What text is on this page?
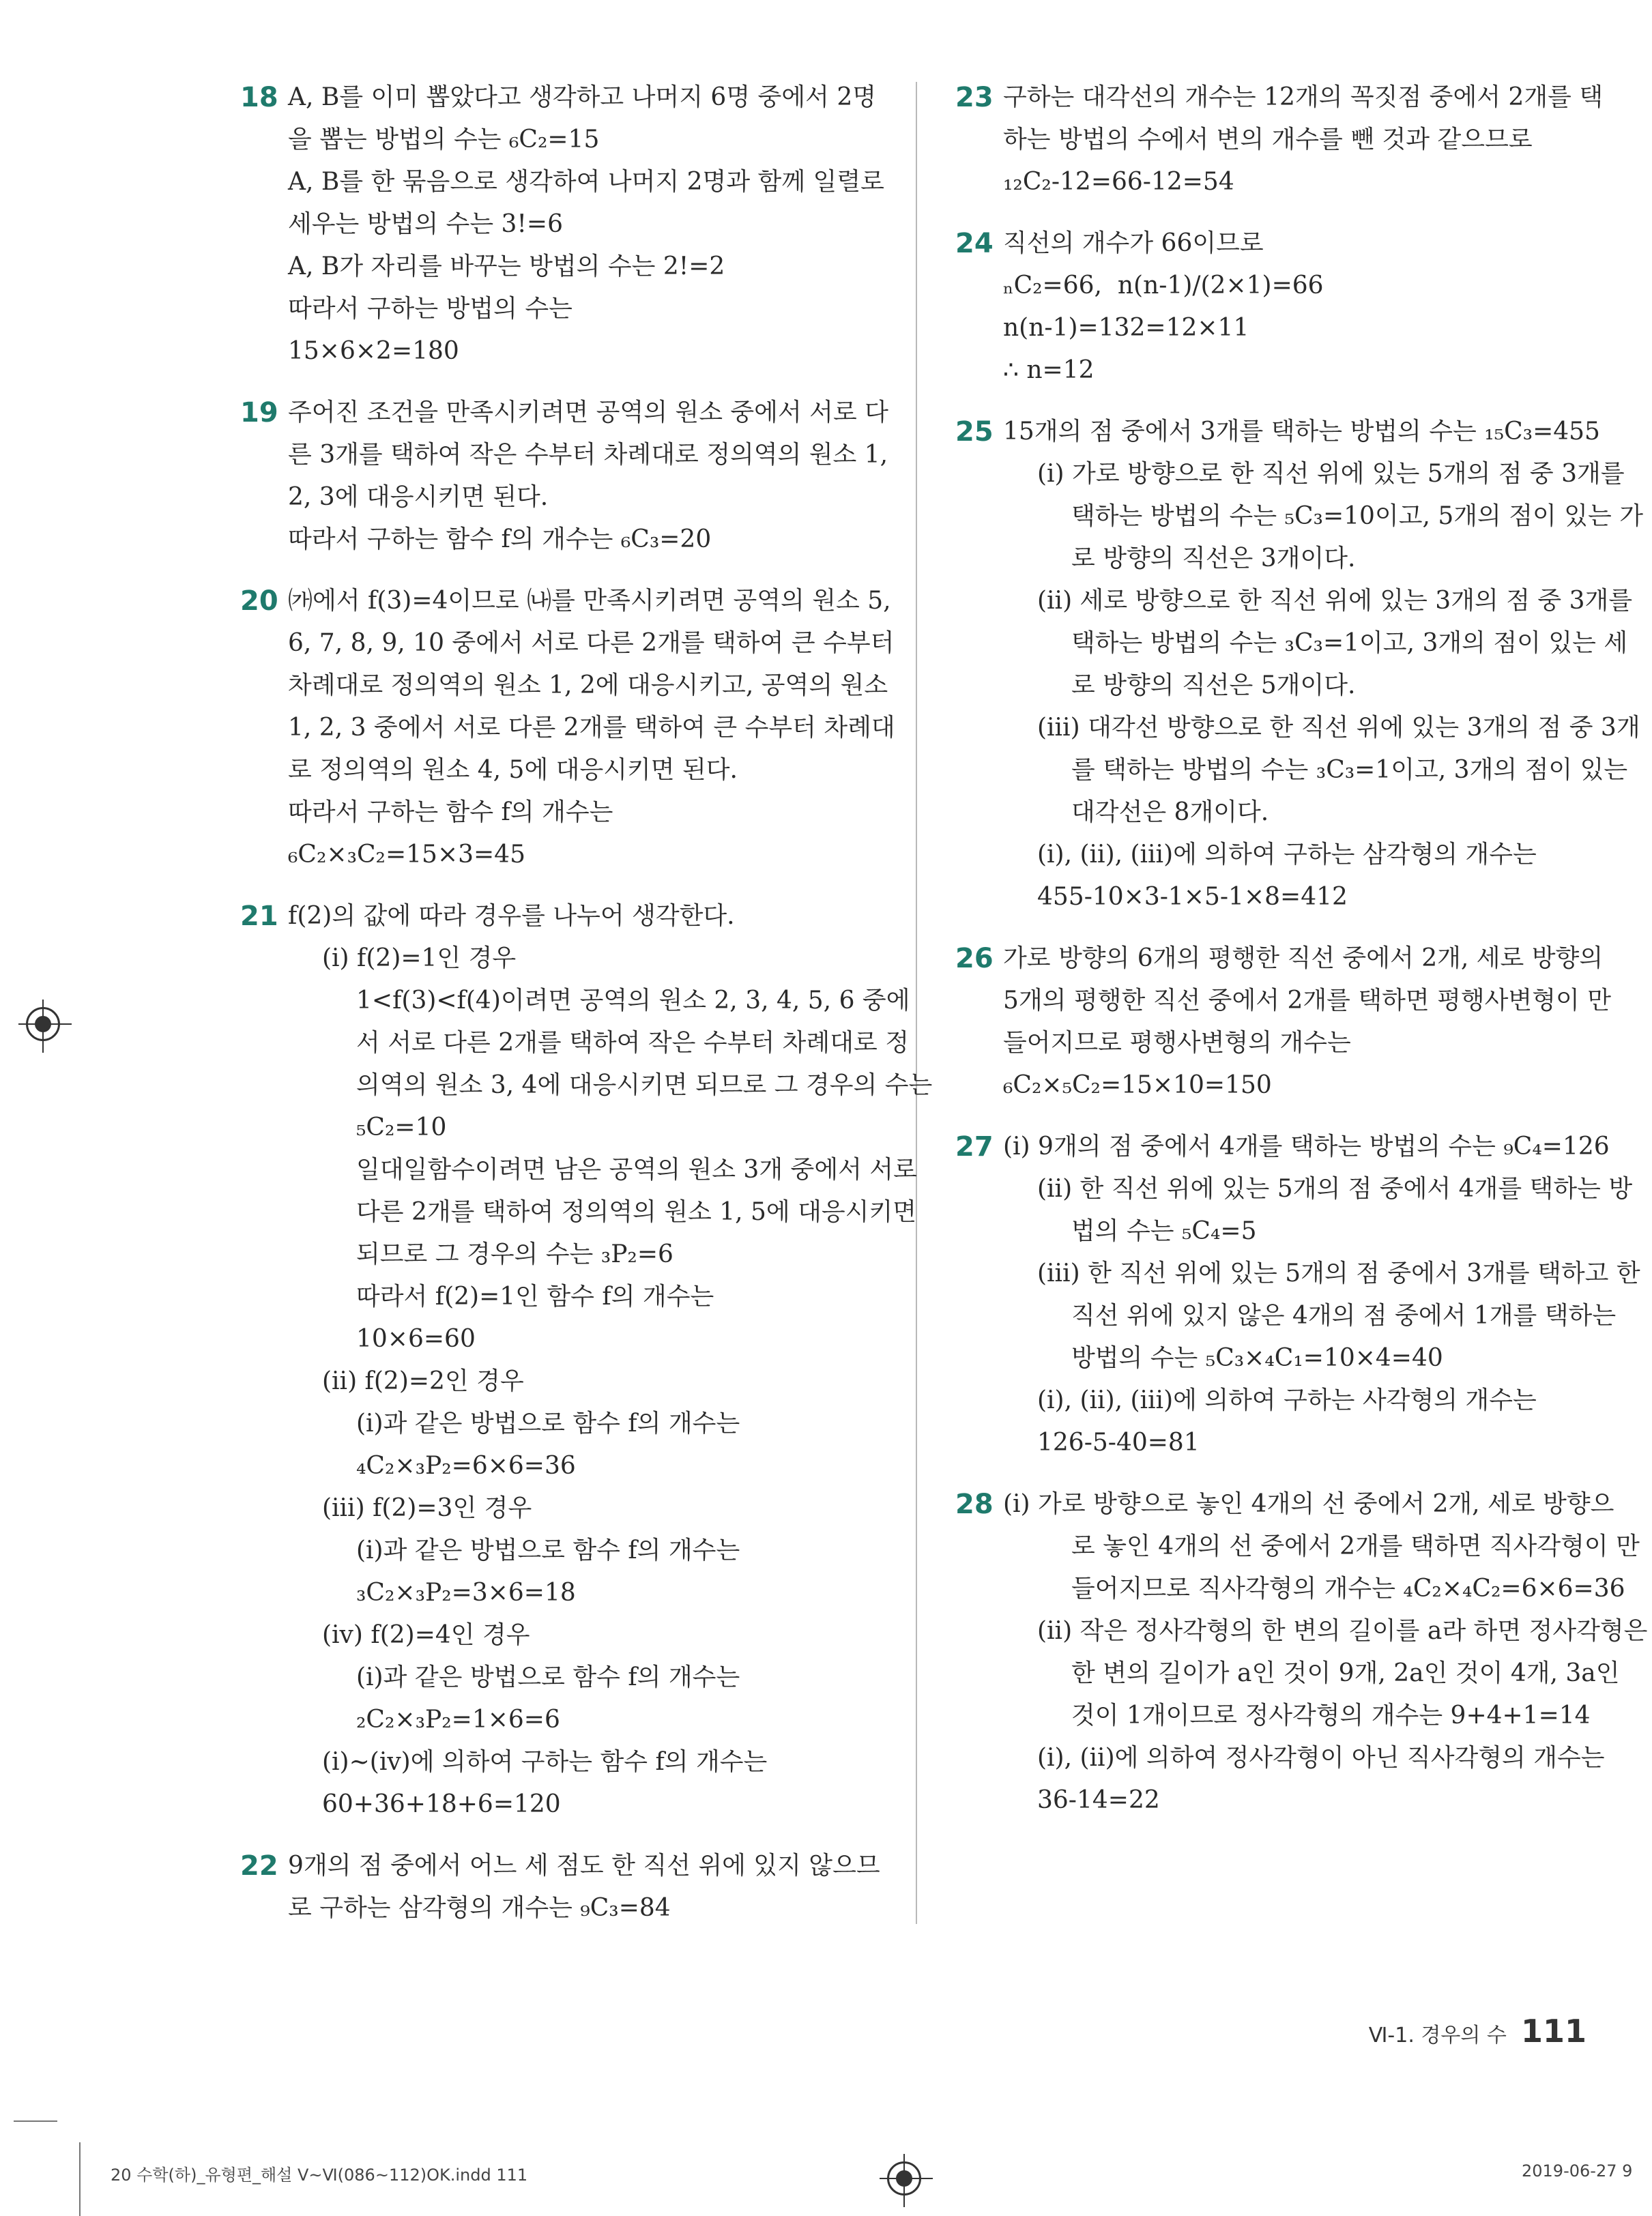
18 A, B를 이미 뽑았다고 생각하고 나머지 6명 중에서 2명
을 뽑는 방법의 수는 ₆C₂=15
A, B를 한 묶음으로 생각하여 나머지 2명과 함께 일렬로
세우는 방법의 수는 3!=6
A, B가 자리를 바꾸는 방법의 수는 2!=2
따라서 구하는 방법의 수는
15×6×2=180
19 주어진 조건을 만족시키려면 공역의 원소 중에서 서로 다
른 3개를 택하여 작은 수부터 차례대로 정의역의 원소 1,
2, 3에 대응시키면 된다.
따라서 구하는 함수 f의 개수는 ₆C₃=20
20 ㈎에서 f(3)=4이므로 ㈏를 만족시키려면 공역의 원소 5,
6, 7, 8, 9, 10 중에서 서로 다른 2개를 택하여 큰 수부터
차례대로 정의역의 원소 1, 2에 대응시키고, 공역의 원소
1, 2, 3 중에서 서로 다른 2개를 택하여 큰 수부터 차례대
로 정의역의 원소 4, 5에 대응시키면 된다.
따라서 구하는 함수 f의 개수는
₆C₂×₃C₂=15×3=45
21 f(2)의 값에 따라 경우를 나누어 생각한다.
(ⅰ) f(2)=1인 경우
1<f(3)<f(4)이려면 공역의 원소 2, 3, 4, 5, 6 중에
서 서로 다른 2개를 택하여 작은 수부터 차례대로 정
의역의 원소 3, 4에 대응시키면 되므로 그 경우의 수는
₅C₂=10
일대일함수이려면 남은 공역의 원소 3개 중에서 서로
다른 2개를 택하여 정의역의 원소 1, 5에 대응시키면
되므로 그 경우의 수는 ₃P₂=6
따라서 f(2)=1인 함수 f의 개수는
10×6=60
(ⅱ) f(2)=2인 경우
(ⅰ)과 같은 방법으로 함수 f의 개수는
₄C₂×₃P₂=6×6=36
(ⅲ) f(2)=3인 경우
(ⅰ)과 같은 방법으로 함수 f의 개수는
₃C₂×₃P₂=3×6=18
(ⅳ) f(2)=4인 경우
(ⅰ)과 같은 방법으로 함수 f의 개수는
₂C₂×₃P₂=1×6=6
(ⅰ)~(ⅳ)에 의하여 구하는 함수 f의 개수는
60+36+18+6=120
22 9개의 점 중에서 어느 세 점도 한 직선 위에 있지 않으므
로 구하는 삼각형의 개수는 ₉C₃=84
23 구하는 대각선의 개수는 12개의 꼭짓점 중에서 2개를 택
하는 방법의 수에서 변의 개수를 뺀 것과 같으므로
₁₂C₂-12=66-12=54
24 직선의 개수가 66이므로
ₙC₂=66,  n(n-1)/(2×1)=66
n(n-1)=132=12×11
∴ n=12
25 15개의 점 중에서 3개를 택하는 방법의 수는 ₁₅C₃=455
(ⅰ) 가로 방향으로 한 직선 위에 있는 5개의 점 중 3개를
택하는 방법의 수는 ₅C₃=10이고, 5개의 점이 있는 가
로 방향의 직선은 3개이다.
(ⅱ) 세로 방향으로 한 직선 위에 있는 3개의 점 중 3개를
택하는 방법의 수는 ₃C₃=1이고, 3개의 점이 있는 세
로 방향의 직선은 5개이다.
(ⅲ) 대각선 방향으로 한 직선 위에 있는 3개의 점 중 3개
를 택하는 방법의 수는 ₃C₃=1이고, 3개의 점이 있는
대각선은 8개이다.
(ⅰ), (ⅱ), (ⅲ)에 의하여 구하는 삼각형의 개수는
455-10×3-1×5-1×8=412
26 가로 방향의 6개의 평행한 직선 중에서 2개, 세로 방향의
5개의 평행한 직선 중에서 2개를 택하면 평행사변형이 만
들어지므로 평행사변형의 개수는
₆C₂×₅C₂=15×10=150
27 (ⅰ) 9개의 점 중에서 4개를 택하는 방법의 수는 ₉C₄=126
(ⅱ) 한 직선 위에 있는 5개의 점 중에서 4개를 택하는 방
법의 수는 ₅C₄=5
(ⅲ) 한 직선 위에 있는 5개의 점 중에서 3개를 택하고 한
직선 위에 있지 않은 4개의 점 중에서 1개를 택하는
방법의 수는 ₅C₃×₄C₁=10×4=40
(ⅰ), (ⅱ), (ⅲ)에 의하여 구하는 사각형의 개수는
126-5-40=81
28 (ⅰ) 가로 방향으로 놓인 4개의 선 중에서 2개, 세로 방향으
로 놓인 4개의 선 중에서 2개를 택하면 직사각형이 만
들어지므로 직사각형의 개수는 ₄C₂×₄C₂=6×6=36
(ⅱ) 작은 정사각형의 한 변의 길이를 a라 하면 정사각형은
한 변의 길이가 a인 것이 9개, 2a인 것이 4개, 3a인
것이 1개이므로 정사각형의 개수는 9+4+1=14
(ⅰ), (ⅱ)에 의하여 정사각형이 아닌 직사각형의 개수는
36-14=22
Ⅵ-1. 경우의 수 111
20 수학(하)_유형편_해설 Ⅴ~Ⅵ(086~112)OK.indd 111	2019-06-27 9
